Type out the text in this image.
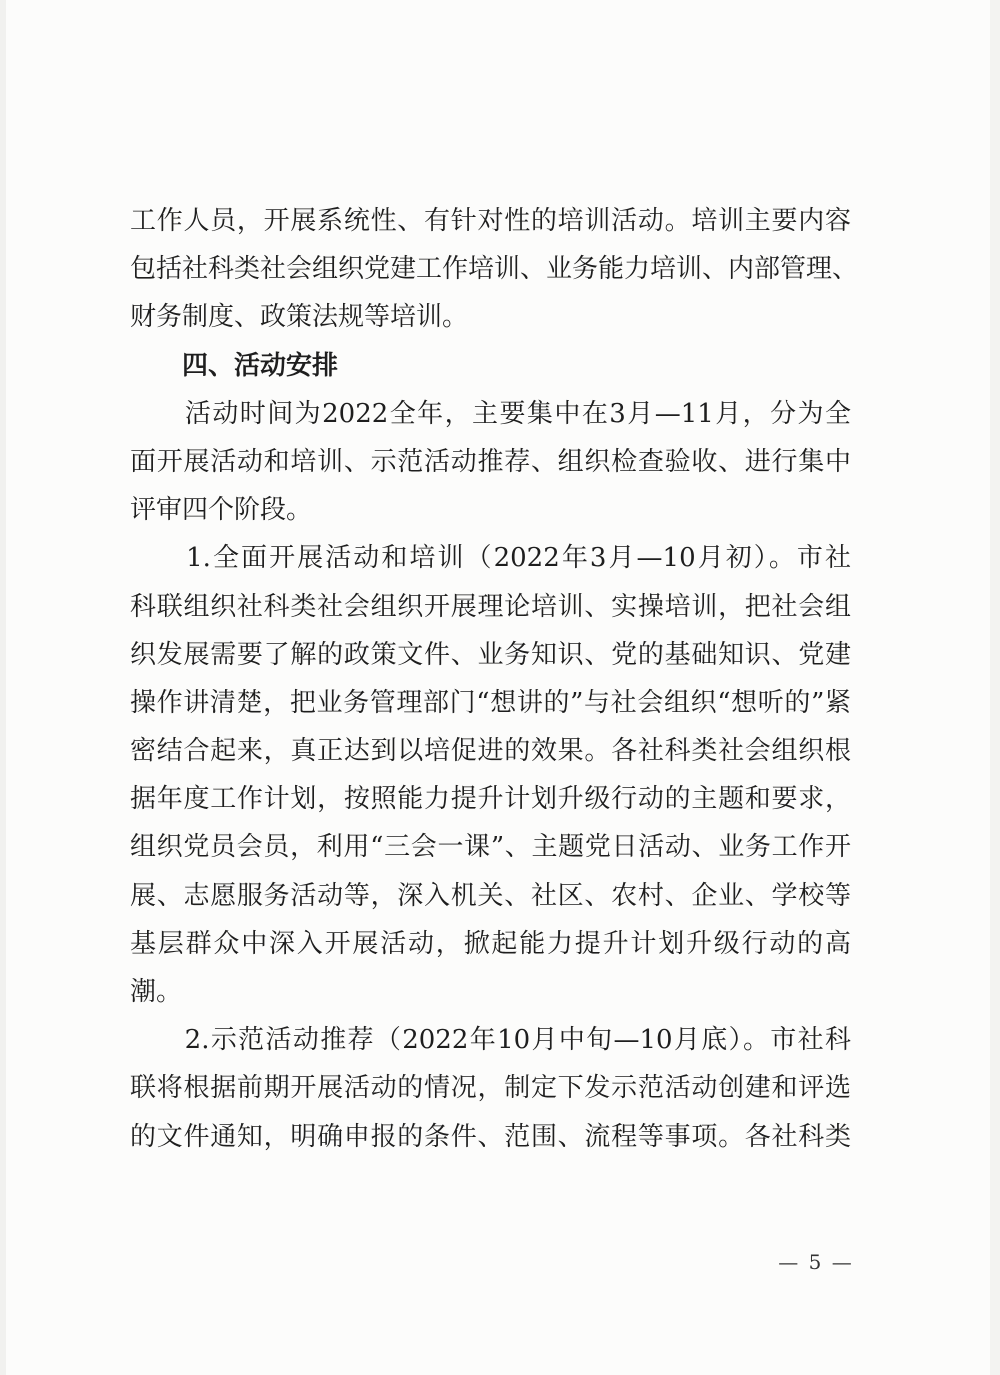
工作人员，开展系统性、有针对性的培训活动。培训主要内容
包括社科类社会组织党建工作培训、业务能力培训、内部管理、
财务制度、政策法规等培训。
　　四、活动安排
　　活动时间为2022全年，主要集中在3月—11月，分为全
面开展活动和培训、示范活动推荐、组织检查验收、进行集中
评审四个阶段。
　　1.全面开展活动和培训（2022年3月—10月初）。市社
科联组织社科类社会组织开展理论培训、实操培训，把社会组
织发展需要了解的政策文件、业务知识、党的基础知识、党建
操作讲清楚，把业务管理部门“想讲的”与社会组织“想听的”紧
密结合起来，真正达到以培促进的效果。各社科类社会组织根
据年度工作计划，按照能力提升计划升级行动的主题和要求，
组织党员会员，利用“三会一课”、主题党日活动、业务工作开
展、志愿服务活动等，深入机关、社区、农村、企业、学校等
基层群众中深入开展活动，掀起能力提升计划升级行动的高
潮。
　　2.示范活动推荐（2022年10月中旬—10月底）。市社科
联将根据前期开展活动的情况，制定下发示范活动创建和评选
的文件通知，明确申报的条件、范围、流程等事项。各社科类
— 5 —
